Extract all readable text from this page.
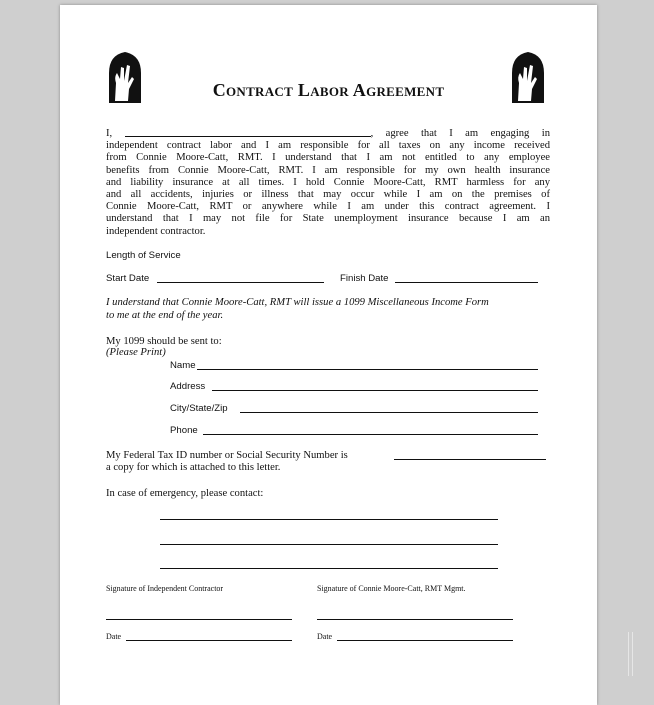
Contract Labor Agreement
I,	, agree that I am engaging in
independent contract labor and I am responsible for all taxes on any income received
from Connie Moore-Catt, RMT. I understand that I am not entitled to any employee
benefits from Connie Moore-Catt, RMT. I am responsible for my own health insurance
and liability insurance at all times. I hold Connie Moore-Catt, RMT harmless for any
and all accidents, injuries or illness that may occur while I am on the premises of
Connie Moore-Catt, RMT or anywhere while I am under this contract agreement. I
understand that I may not file for State unemployment insurance because I am an
independent contractor.
Length of Service
Start Date	Finish Date
I understand that Connie Moore-Catt, RMT will issue a 1099 Miscellaneous Income Form
to me at the end of the year.
My 1099 should be sent to:
(Please Print)
Name
Address
City/State/Zip
Phone
My Federal Tax ID number or Social Security Number is
a copy for which is attached to this letter.
In case of emergency, please contact:
Signature of Independent Contractor	Signature of Connie Moore-Catt, RMT Mgmt.
Date	Date
